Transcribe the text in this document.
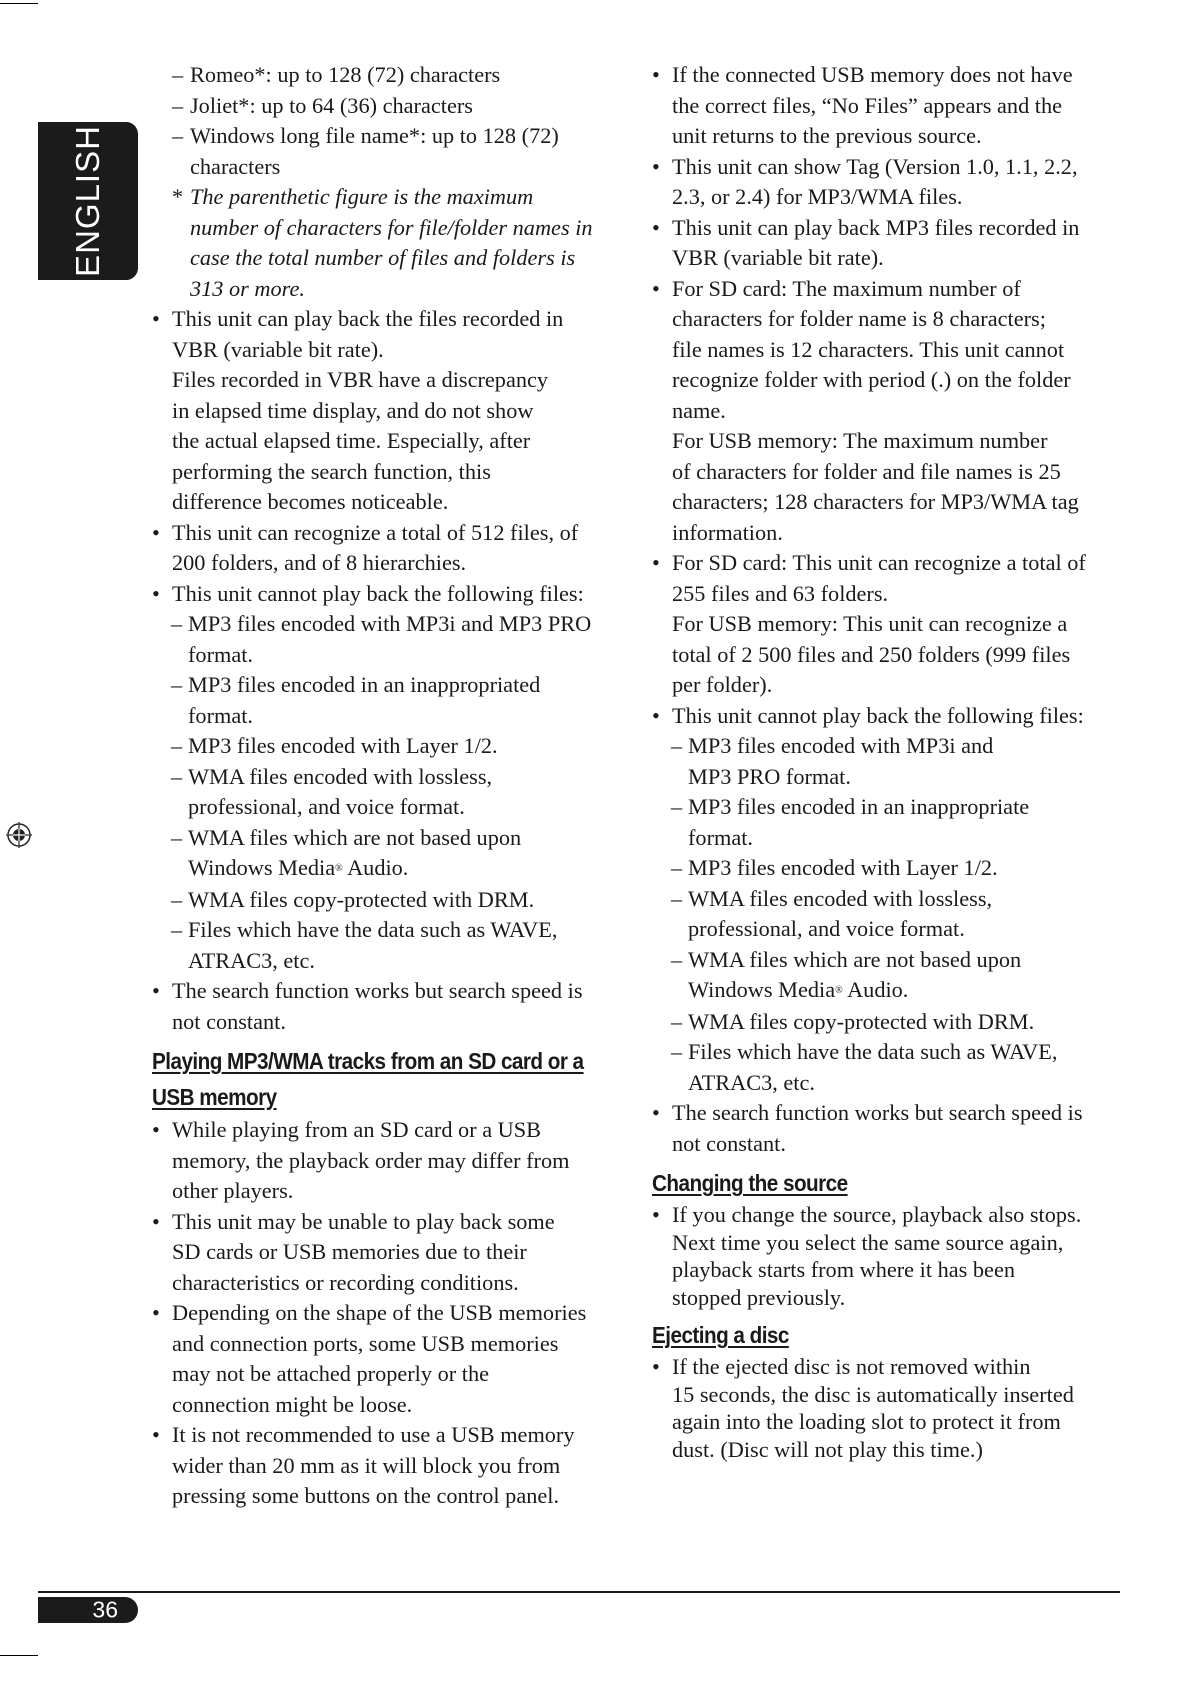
ENGLISH
– Romeo*: up to 128 (72) characters
– Joliet*: up to 64 (36) characters
– Windows long file name*: up to 128 (72)
characters
* The parenthetic figure is the maximum
number of characters for file/folder names in
case the total number of files and folders is
313 or more.
• This unit can play back the files recorded in
VBR (variable bit rate).
Files recorded in VBR have a discrepancy
in elapsed time display, and do not show
the actual elapsed time. Especially, after
performing the search function, this
difference becomes noticeable.
• This unit can recognize a total of 512 files, of
200 folders, and of 8 hierarchies.
• This unit cannot play back the following files:
– MP3 files encoded with MP3i and MP3 PRO
format.
– MP3 files encoded in an inappropriated
format.
– MP3 files encoded with Layer 1/2.
– WMA files encoded with lossless,
professional, and voice format.
– WMA files which are not based upon
Windows Media® Audio.
– WMA files copy-protected with DRM.
– Files which have the data such as WAVE,
ATRAC3, etc.
• The search function works but search speed is
not constant.
Playing MP3/WMA tracks from an SD card or a
USB memory
• While playing from an SD card or a USB
memory, the playback order may differ from
other players.
• This unit may be unable to play back some
SD cards or USB memories due to their
characteristics or recording conditions.
• Depending on the shape of the USB memories
and connection ports, some USB memories
may not be attached properly or the
connection might be loose.
• It is not recommended to use a USB memory
wider than 20 mm as it will block you from
pressing some buttons on the control panel.
• If the connected USB memory does not have
the correct files, “No Files” appears and the
unit returns to the previous source.
• This unit can show Tag (Version 1.0, 1.1, 2.2,
2.3, or 2.4) for MP3/WMA files.
• This unit can play back MP3 files recorded in
VBR (variable bit rate).
• For SD card: The maximum number of
characters for folder name is 8 characters;
file names is 12 characters. This unit cannot
recognize folder with period (.) on the folder
name.
For USB memory: The maximum number
of characters for folder and file names is 25
characters; 128 characters for MP3/WMA tag
information.
• For SD card: This unit can recognize a total of
255 files and 63 folders.
For USB memory: This unit can recognize a
total of 2 500 files and 250 folders (999 files
per folder).
• This unit cannot play back the following files:
– MP3 files encoded with MP3i and
MP3 PRO format.
– MP3 files encoded in an inappropriate
format.
– MP3 files encoded with Layer 1/2.
– WMA files encoded with lossless,
professional, and voice format.
– WMA files which are not based upon
Windows Media® Audio.
– WMA files copy-protected with DRM.
– Files which have the data such as WAVE,
ATRAC3, etc.
• The search function works but search speed is
not constant.
Changing the source
• If you change the source, playback also stops.
Next time you select the same source again,
playback starts from where it has been
stopped previously.
Ejecting a disc
• If the ejected disc is not removed within
15 seconds, the disc is automatically inserted
again into the loading slot to protect it from
dust. (Disc will not play this time.)
36
